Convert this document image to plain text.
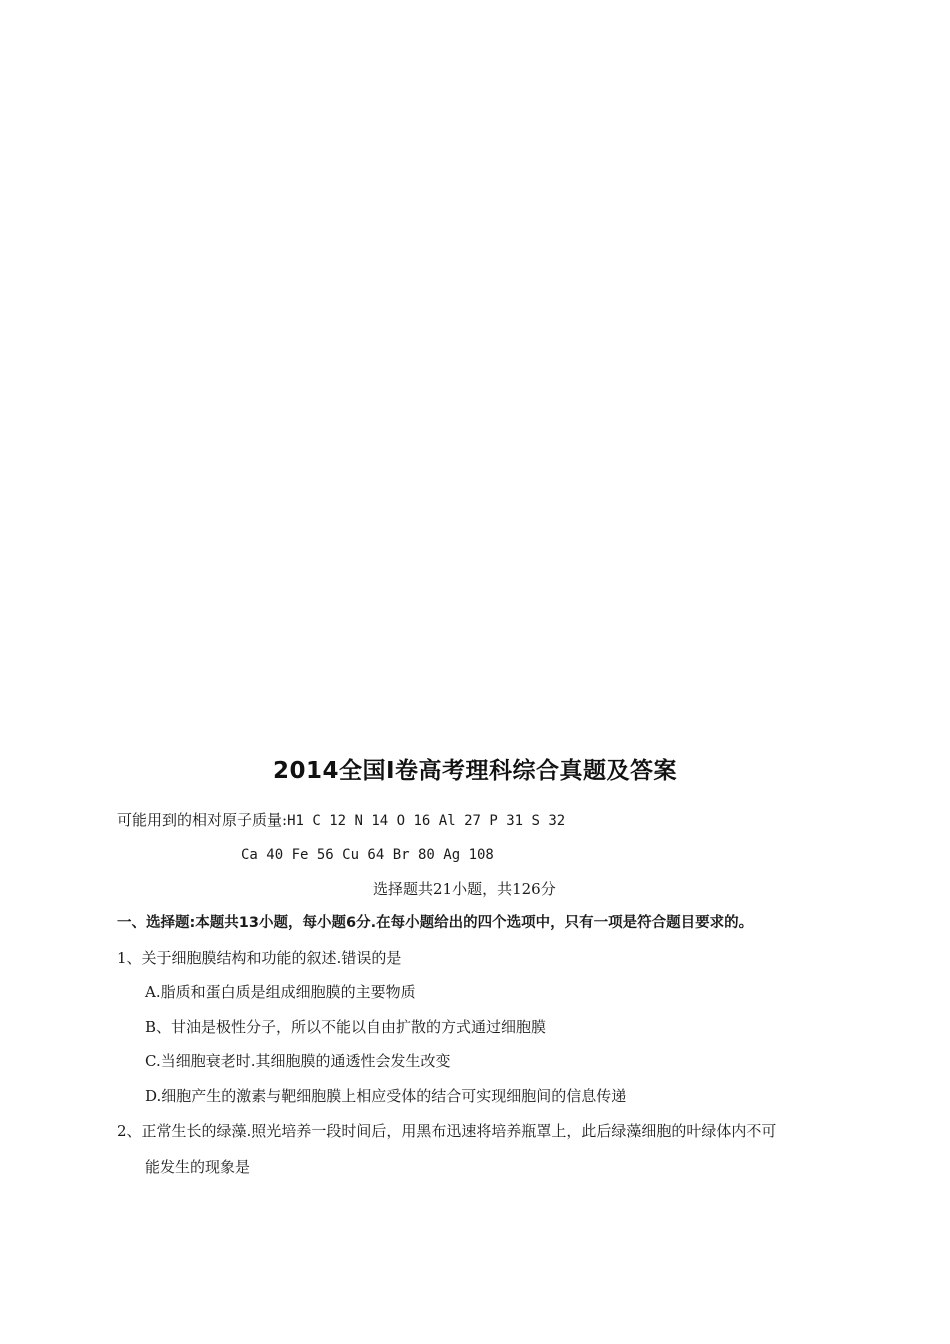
2014全国Ⅰ卷高考理科综合真题及答案
可能用到的相对原子质量:H1 C 12 N 14 O 16 Al 27 P 31 S 32
Ca 40 Fe 56 Cu 64 Br 80 Ag 108
选择题共21小题，共126分
一、选择题:本题共13小题，每小题6分.在每小题给出的四个选项中，只有一项是符合题目要求的。
1、关于细胞膜结构和功能的叙述.错误的是
A.脂质和蛋白质是组成细胞膜的主要物质
B、甘油是极性分子，所以不能以自由扩散的方式通过细胞膜
C.当细胞衰老时.其细胞膜的通透性会发生改变
D.细胞产生的激素与靶细胞膜上相应受体的结合可实现细胞间的信息传递
2、正常生长的绿藻.照光培养一段时间后，用黑布迅速将培养瓶罩上，此后绿藻细胞的叶绿体内不可
能发生的现象是
